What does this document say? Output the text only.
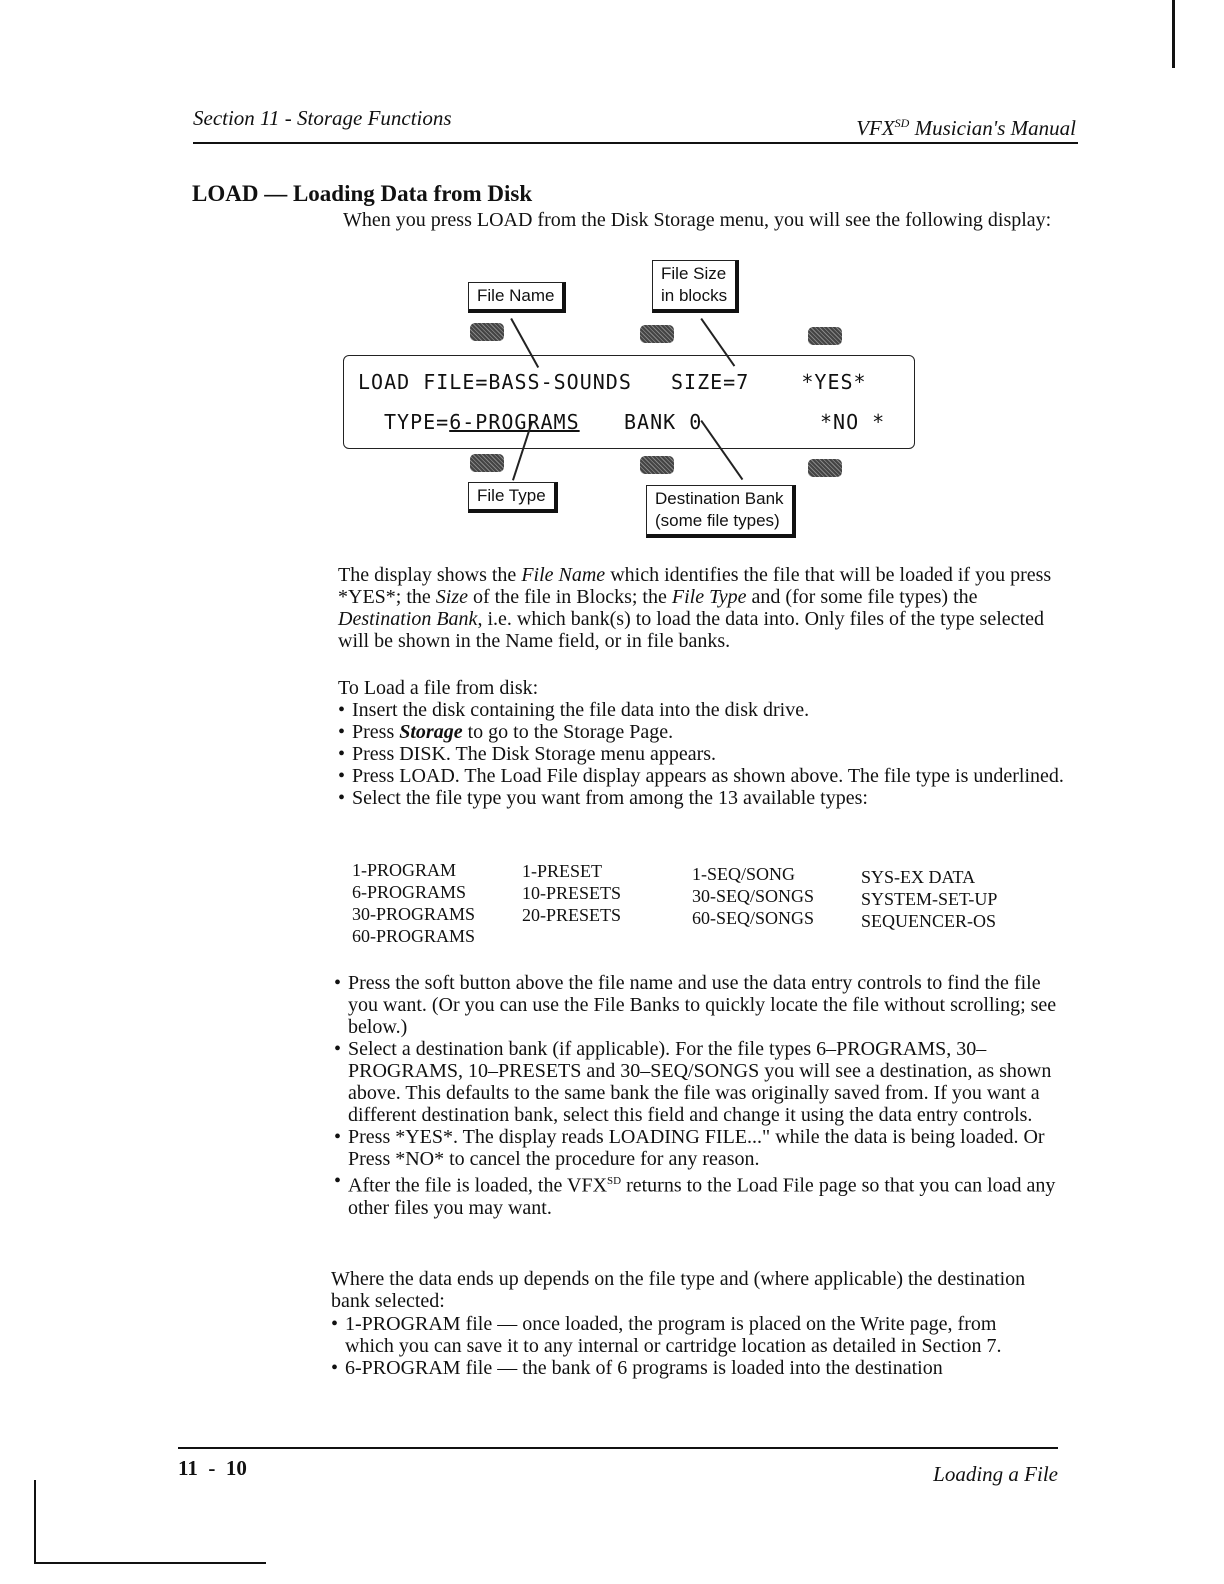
Section 11 - Storage Functions	$VFX^{SD}$ Musician's Manual
LOAD — Loading Data from Disk
When you press LOAD from the Disk Storage menu, you will see the following display:
File Name
File Size
in blocks
LOAD FILE=BASS-SOUNDS   SIZE=7    *YES*
TYPE=6-PROGRAMS BANK 0	*NO *
File Type	Destination Bank
(some file types)
The display shows the File Name which identifies the file that will be loaded if you press *YES*; the Size of the file in Blocks; the File Type and (for some file types) the Destination Bank, i.e. which bank(s) to load the data into. Only files of the type selected will be shown in the Name field, or in file banks.
To Load a file from disk:
• Insert the disk containing the file data into the disk drive.
• Press Storage to go to the Storage Page.
• Press DISK. The Disk Storage menu appears.
• Press LOAD. The Load File display appears as shown above. The file type is underlined.
• Select the file type you want from among the 13 available types:
1-PROGRAM
6-PROGRAMS
30-PROGRAMS
60-PROGRAMS
1-PRESET
10-PRESETS
20-PRESETS
1-SEQ/SONG
30-SEQ/SONGS
60-SEQ/SONGS
SYS-EX DATA
SYSTEM-SET-UP
SEQUENCER-OS
• Press the soft button above the file name and use the data entry controls to find the file you want. (Or you can use the File Banks to quickly locate the file without scrolling; see below.)
• Select a destination bank (if applicable). For the file types 6–PROGRAMS, 30–PROGRAMS, 10–PRESETS and 30–SEQ/SONGS you will see a destination, as shown above. This defaults to the same bank the file was originally saved from. If you want a different destination bank, select this field and change it using the data entry controls.
• Press *YES*. The display reads LOADING FILE..." while the data is being loaded. Or Press *NO* to cancel the procedure for any reason.
• After the file is loaded, the $VFX^{SD}$ returns to the Load File page so that you can load any other files you may want.
Where the data ends up depends on the file type and (where applicable) the destination bank selected:
• 1-PROGRAM file — once loaded, the program is placed on the Write page, from which you can save it to any internal or cartridge location as detailed in Section 7.
• 6-PROGRAM file — the bank of 6 programs is loaded into the destination
11  -  10	Loading a File
